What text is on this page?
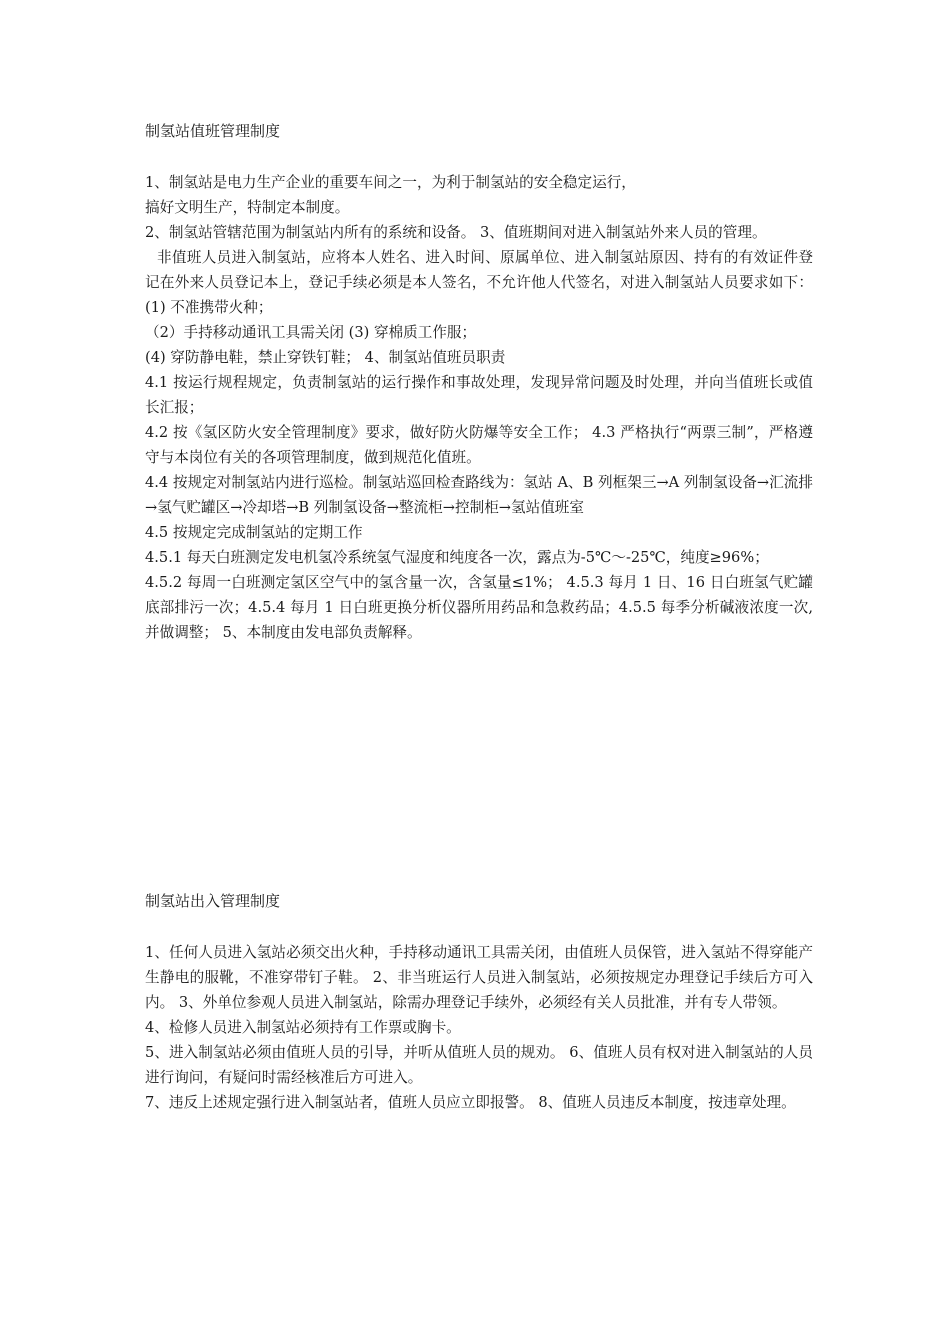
制氢站值班管理制度

1、制氢站是电力生产企业的重要车间之一，为利于制氢站的安全稳定运行，

搞好文明生产，特制定本制度。

2、制氢站管辖范围为制氢站内所有的系统和设备。 3、值班期间对进入制氢站外来人员的管理。

非值班人员进入制氢站，应将本人姓名、进入时间、原属单位、进入制氢站原因、持有的有效证件登记在外来人员登记本上，登记手续必须是本人签名，不允许他人代签名，对进入制氢站人员要求如下： (1) 不准携带火种；

（2）手持移动通讯工具需关闭 (3) 穿棉质工作服；

(4) 穿防静电鞋，禁止穿铁钉鞋； 4、制氢站值班员职责

4.1 按运行规程规定，负责制氢站的运行操作和事故处理，发现异常问题及时处理，并向当值班长或值长汇报；

4.2 按《氢区防火安全管理制度》要求，做好防火防爆等安全工作； 4.3 严格执行“两票三制”，严格遵守与本岗位有关的各项管理制度，做到规范化值班。

4.4 按规定对制氢站内进行巡检。制氢站巡回检查路线为：氢站 A、B 列框架三→A 列制氢设备→汇流排→氢气贮罐区→冷却塔→B 列制氢设备→整流柜→控制柜→氢站值班室

4.5 按规定完成制氢站的定期工作

4.5.1 每天白班测定发电机氢冷系统氢气湿度和纯度各一次，露点为-5℃～-25℃，纯度≥96%；

4.5.2 每周一白班测定氢区空气中的氢含量一次，含氢量≤1%； 4.5.3 每月 1 日、16 日白班氢气贮罐底部排污一次；4.5.4 每月 1 日白班更换分析仪器所用药品和急救药品；4.5.5 每季分析碱液浓度一次,并做调整； 5、本制度由发电部负责解释。

制氢站出入管理制度

1、任何人员进入氢站必须交出火种，手持移动通讯工具需关闭，由值班人员保管，进入氢站不得穿能产生静电的服靴，不准穿带钉子鞋。 2、非当班运行人员进入制氢站，必须按规定办理登记手续后方可入内。 3、外单位参观人员进入制氢站，除需办理登记手续外，必须经有关人员批准，并有专人带领。

4、检修人员进入制氢站必须持有工作票或胸卡。

5、进入制氢站必须由值班人员的引导，并听从值班人员的规劝。 6、值班人员有权对进入制氢站的人员进行询问，有疑问时需经核准后方可进入。

7、违反上述规定强行进入制氢站者，值班人员应立即报警。 8、值班人员违反本制度，按违章处理。
